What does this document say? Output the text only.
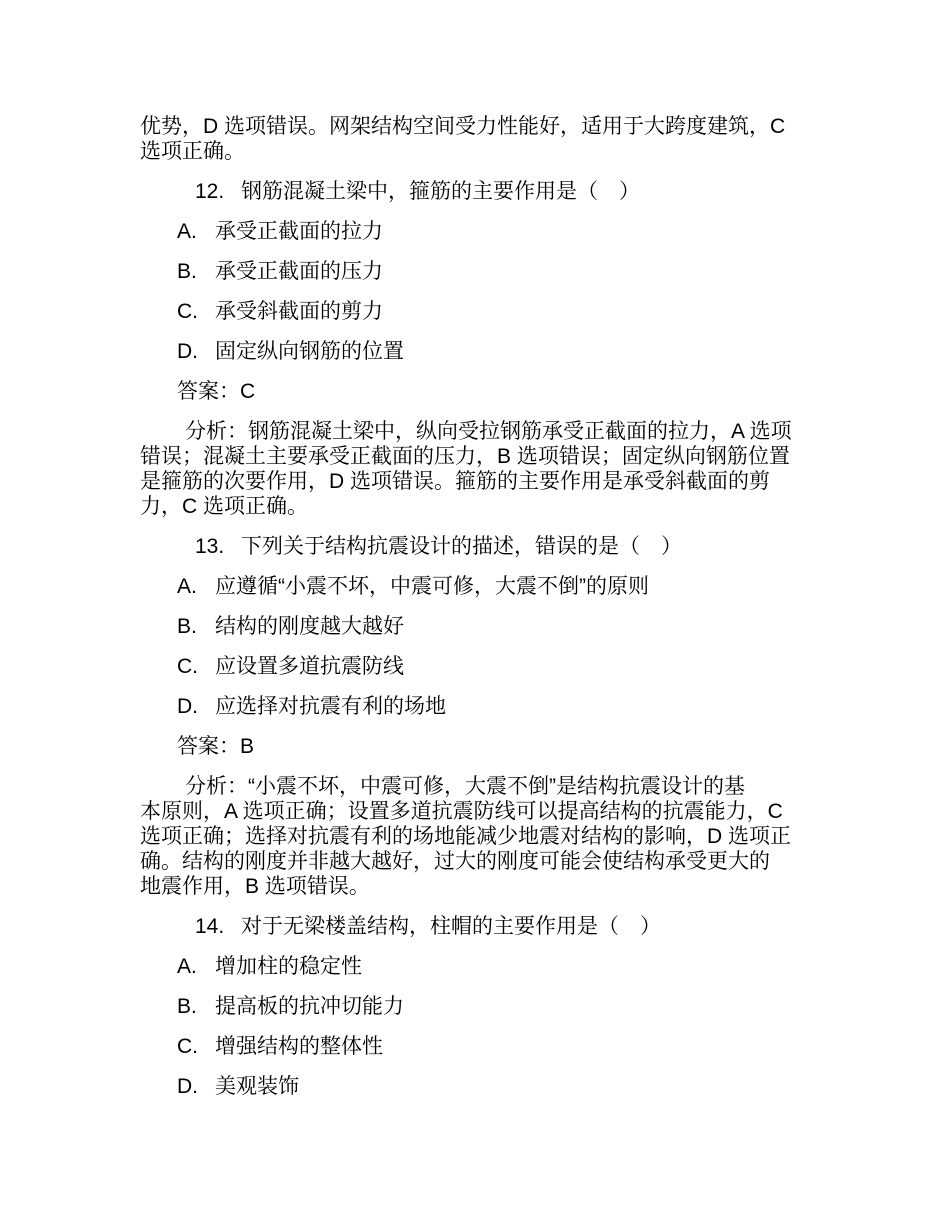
优势，D 选项错误。网架结构空间受力性能好，适用于大跨度建筑，C
选项正确。
12. 钢筋混凝土梁中，箍筋的主要作用是（　）
A. 承受正截面的拉力
B. 承受正截面的压力
C. 承受斜截面的剪力
D. 固定纵向钢筋的位置
答案：C
分析：钢筋混凝土梁中，纵向受拉钢筋承受正截面的拉力，A 选项
错误；混凝土主要承受正截面的压力，B 选项错误；固定纵向钢筋位置
是箍筋的次要作用，D 选项错误。箍筋的主要作用是承受斜截面的剪
力，C 选项正确。
13. 下列关于结构抗震设计的描述，错误的是（　）
A. 应遵循“小震不坏，中震可修，大震不倒”的原则
B. 结构的刚度越大越好
C. 应设置多道抗震防线
D. 应选择对抗震有利的场地
答案：B
分析：“小震不坏，中震可修，大震不倒”是结构抗震设计的基
本原则，A 选项正确；设置多道抗震防线可以提高结构的抗震能力，C
选项正确；选择对抗震有利的场地能减少地震对结构的影响，D 选项正
确。结构的刚度并非越大越好，过大的刚度可能会使结构承受更大的
地震作用，B 选项错误。
14. 对于无梁楼盖结构，柱帽的主要作用是（　）
A. 增加柱的稳定性
B. 提高板的抗冲切能力
C. 增强结构的整体性
D. 美观装饰
